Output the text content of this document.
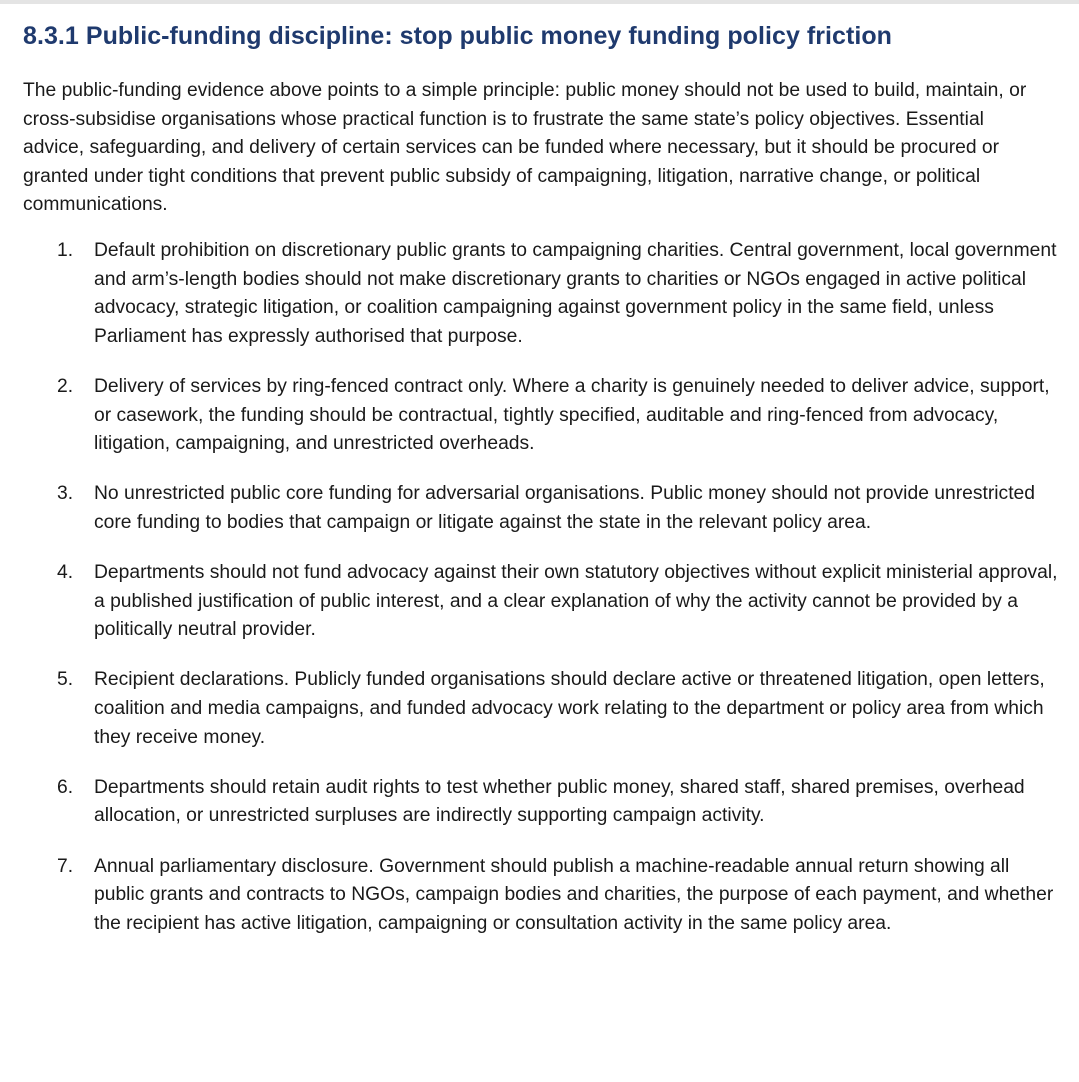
8.3.1 Public-funding discipline: stop public money funding policy friction

The public-funding evidence above points to a simple principle: public money should not be used to build, maintain, or cross-subsidise organisations whose practical function is to frustrate the same state’s policy objectives. Essential advice, safeguarding, and delivery of certain services can be funded where necessary, but it should be procured or granted under tight conditions that prevent public subsidy of campaigning, litigation, narrative change, or political communications.

1. Default prohibition on discretionary public grants to campaigning charities. Central government, local government and arm’s-length bodies should not make discretionary grants to charities or NGOs engaged in active political advocacy, strategic litigation, or coalition campaigning against government policy in the same field, unless Parliament has expressly authorised that purpose.
2. Delivery of services by ring-fenced contract only. Where a charity is genuinely needed to deliver advice, support, or casework, the funding should be contractual, tightly specified, auditable and ring-fenced from advocacy, litigation, campaigning, and unrestricted overheads.
3. No unrestricted public core funding for adversarial organisations. Public money should not provide unrestricted core funding to bodies that campaign or litigate against the state in the relevant policy area.
4. Departments should not fund advocacy against their own statutory objectives without explicit ministerial approval, a published justification of public interest, and a clear explanation of why the activity cannot be provided by a politically neutral provider.
5. Recipient declarations. Publicly funded organisations should declare active or threatened litigation, open letters, coalition and media campaigns, and funded advocacy work relating to the department or policy area from which they receive money.
6. Departments should retain audit rights to test whether public money, shared staff, shared premises, overhead allocation, or unrestricted surpluses are indirectly supporting campaign activity.
7. Annual parliamentary disclosure. Government should publish a machine-readable annual return showing all public grants and contracts to NGOs, campaign bodies and charities, the purpose of each payment, and whether the recipient has active litigation, campaigning or consultation activity in the same policy area.
